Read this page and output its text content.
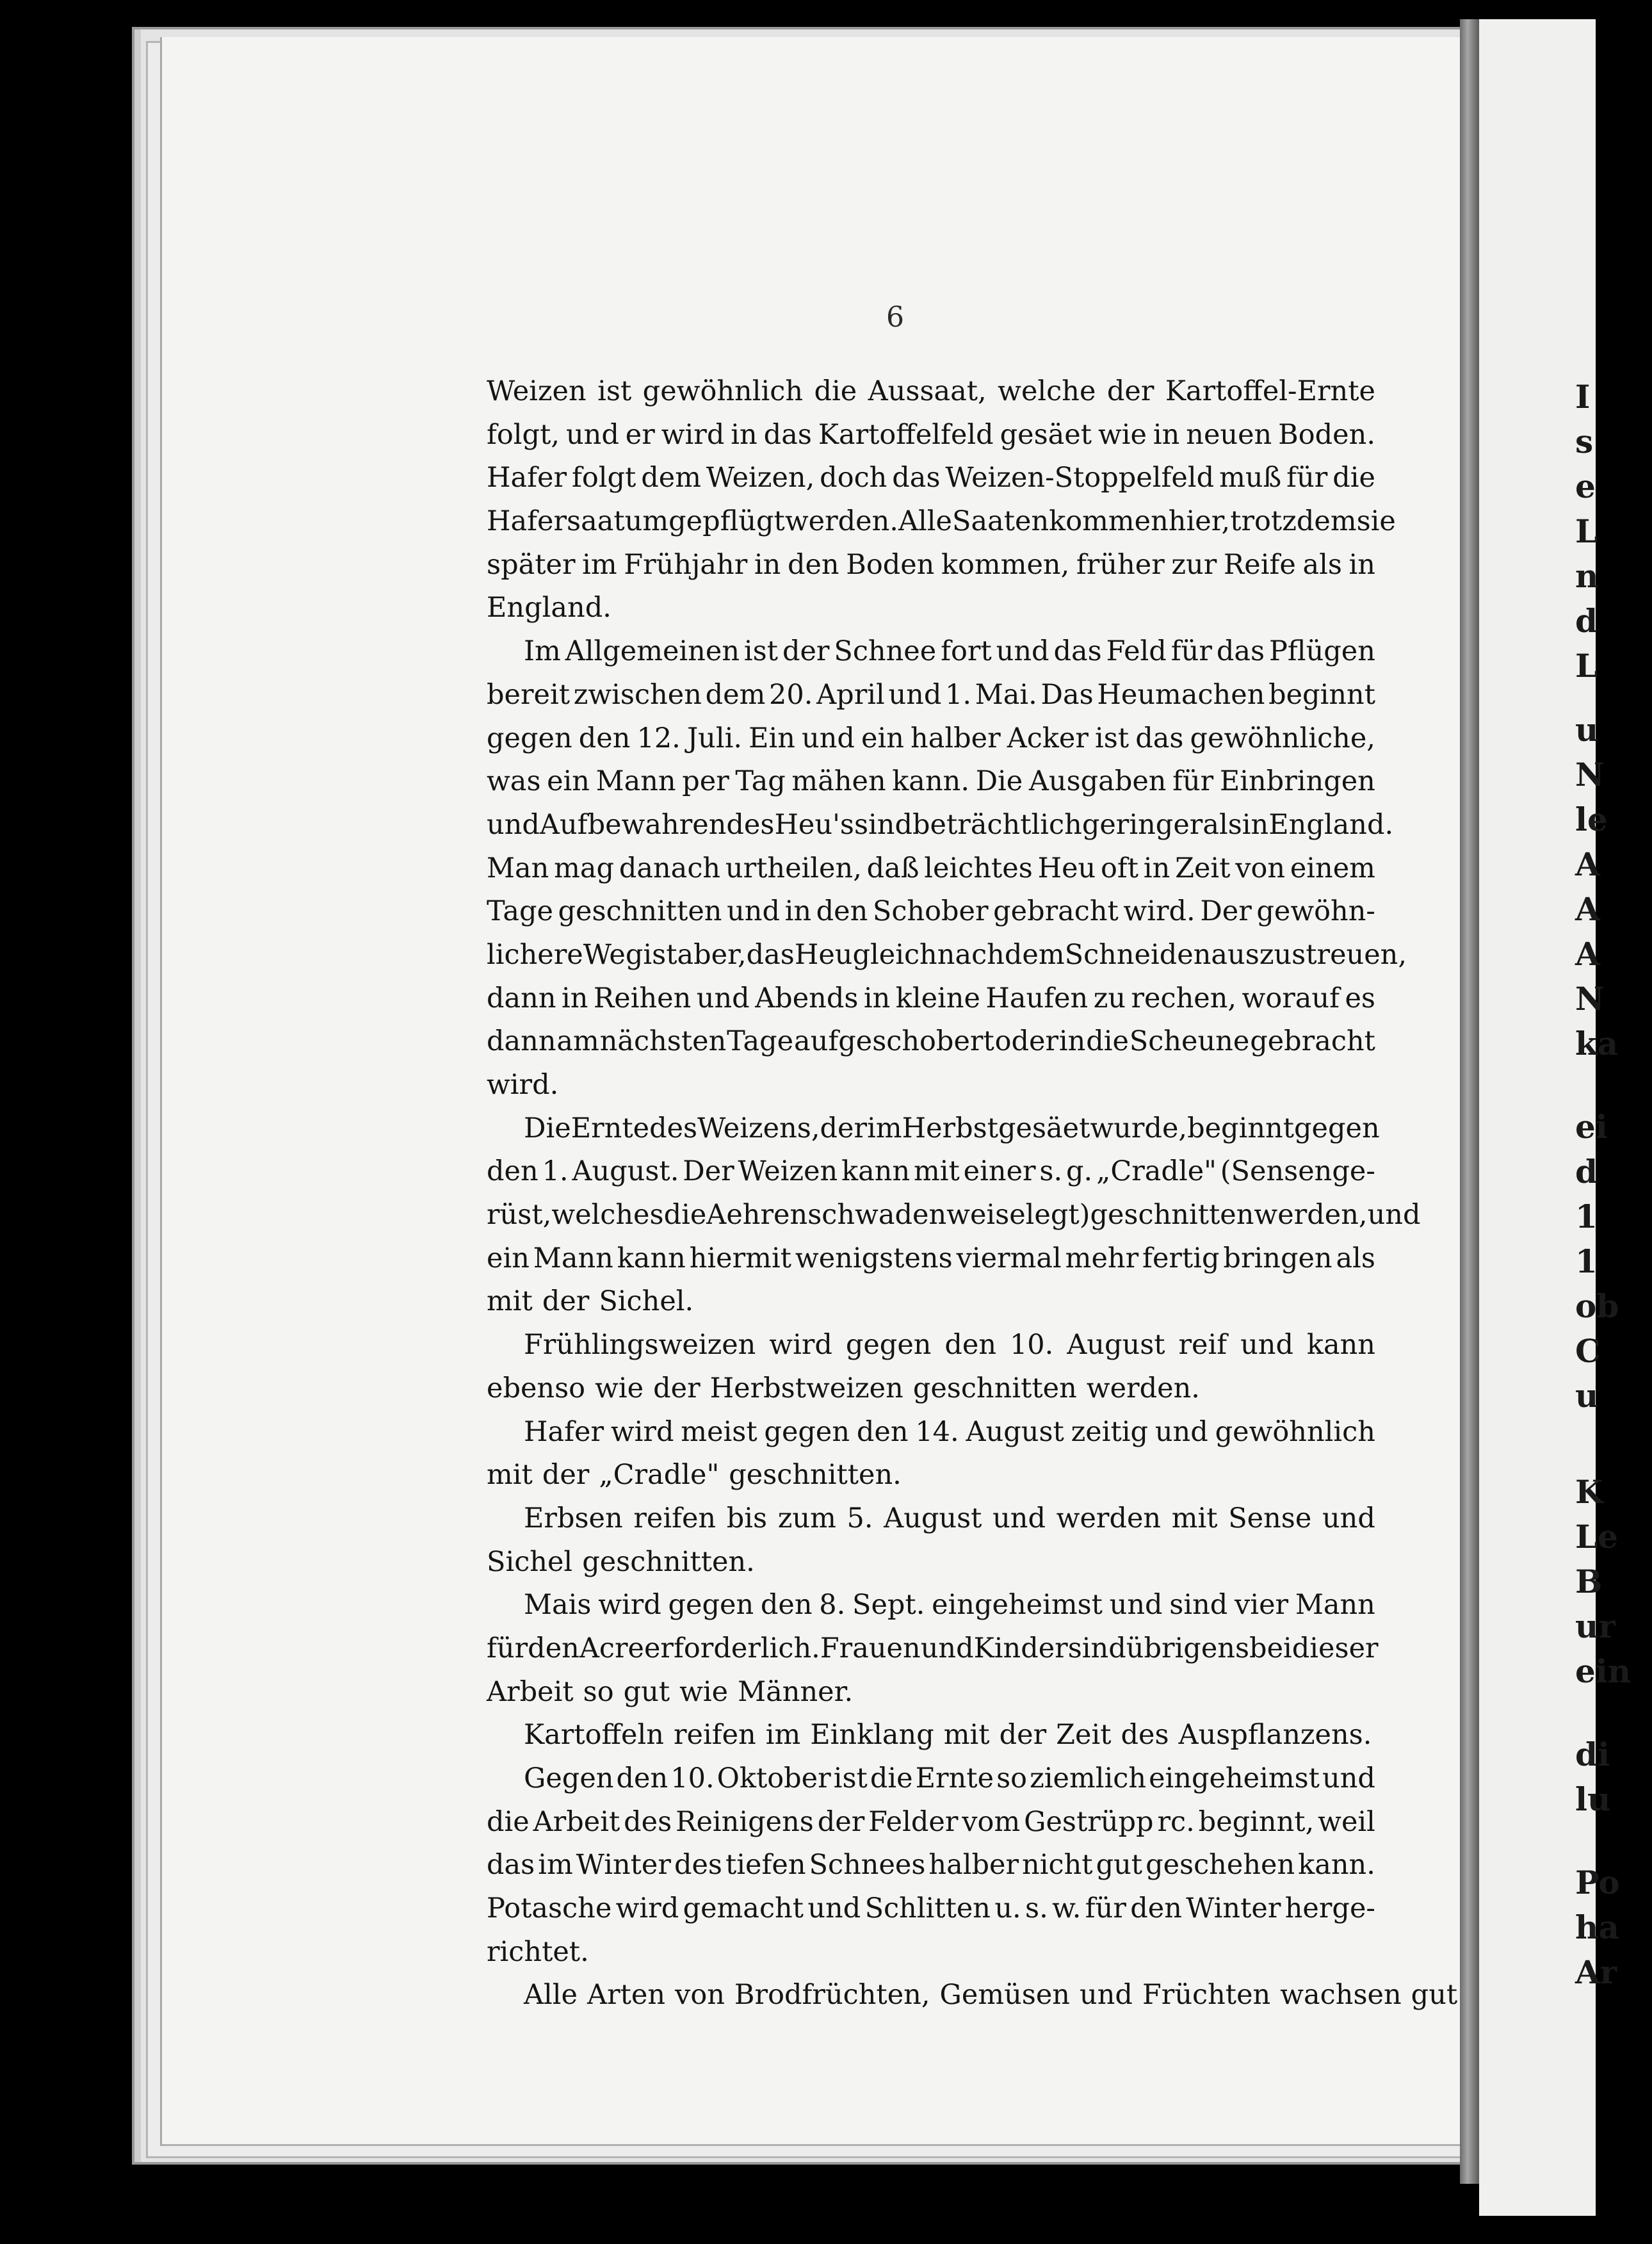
I
s
e
L
n
d
L
u
N
le
A
A
A
N
ka
ei
d
1
1
ob
C
u
K
Le
B
ur
ein
di
lu
Po
ha
Ar
6
Weizen ist gewöhnlich die Aussaat, welche der Kartoffel-Ernte
folgt, und er wird in das Kartoffelfeld gesäet wie in neuen Boden.
Hafer folgt dem Weizen, doch das Weizen-Stoppelfeld muß für die
Hafersaat umgepflügt werden. Alle Saaten kommen hier, trotzdem sie
später im Frühjahr in den Boden kommen, früher zur Reife als in
England.
Im Allgemeinen ist der Schnee fort und das Feld für das Pflügen
bereit zwischen dem 20. April und 1. Mai. Das Heumachen beginnt
gegen den 12. Juli. Ein und ein halber Acker ist das gewöhnliche,
was ein Mann per Tag mähen kann. Die Ausgaben für Einbringen
und Aufbewahren des Heu's sind beträchtlich geringer als in England.
Man mag danach urtheilen, daß leichtes Heu oft in Zeit von einem
Tage geschnitten und in den Schober gebracht wird. Der gewöhn-
lichere Weg ist aber, das Heu gleich nach dem Schneiden auszustreuen,
dann in Reihen und Abends in kleine Haufen zu rechen, worauf es
dann am nächsten Tage aufgeschobert oder in die Scheune gebracht
wird.
Die Ernte des Weizens, der im Herbst gesäet wurde, beginnt gegen
den 1. August. Der Weizen kann mit einer s. g. „Cradle" (Sensenge-
rüst, welches die Aehren schwadenweise legt) geschnitten werden, und
ein Mann kann hiermit wenigstens viermal mehr fertig bringen als
mit der Sichel.
Frühlingsweizen wird gegen den 10. August reif und kann
ebenso wie der Herbstweizen geschnitten werden.
Hafer wird meist gegen den 14. August zeitig und gewöhnlich
mit der „Cradle" geschnitten.
Erbsen reifen bis zum 5. August und werden mit Sense und
Sichel geschnitten.
Mais wird gegen den 8. Sept. eingeheimst und sind vier Mann
für den Acre erforderlich. Frauen und Kinder sind übrigens bei dieser
Arbeit so gut wie Männer.
Kartoffeln reifen im Einklang mit der Zeit des Auspflanzens.
Gegen den 10. Oktober ist die Ernte so ziemlich eingeheimst und
die Arbeit des Reinigens der Felder vom Gestrüpp rc. beginnt, weil
das im Winter des tiefen Schnees halber nicht gut geschehen kann.
Potasche wird gemacht und Schlitten u. s. w. für den Winter herge-
richtet.
Alle Arten von Brodfrüchten, Gemüsen und Früchten wachsen gut
